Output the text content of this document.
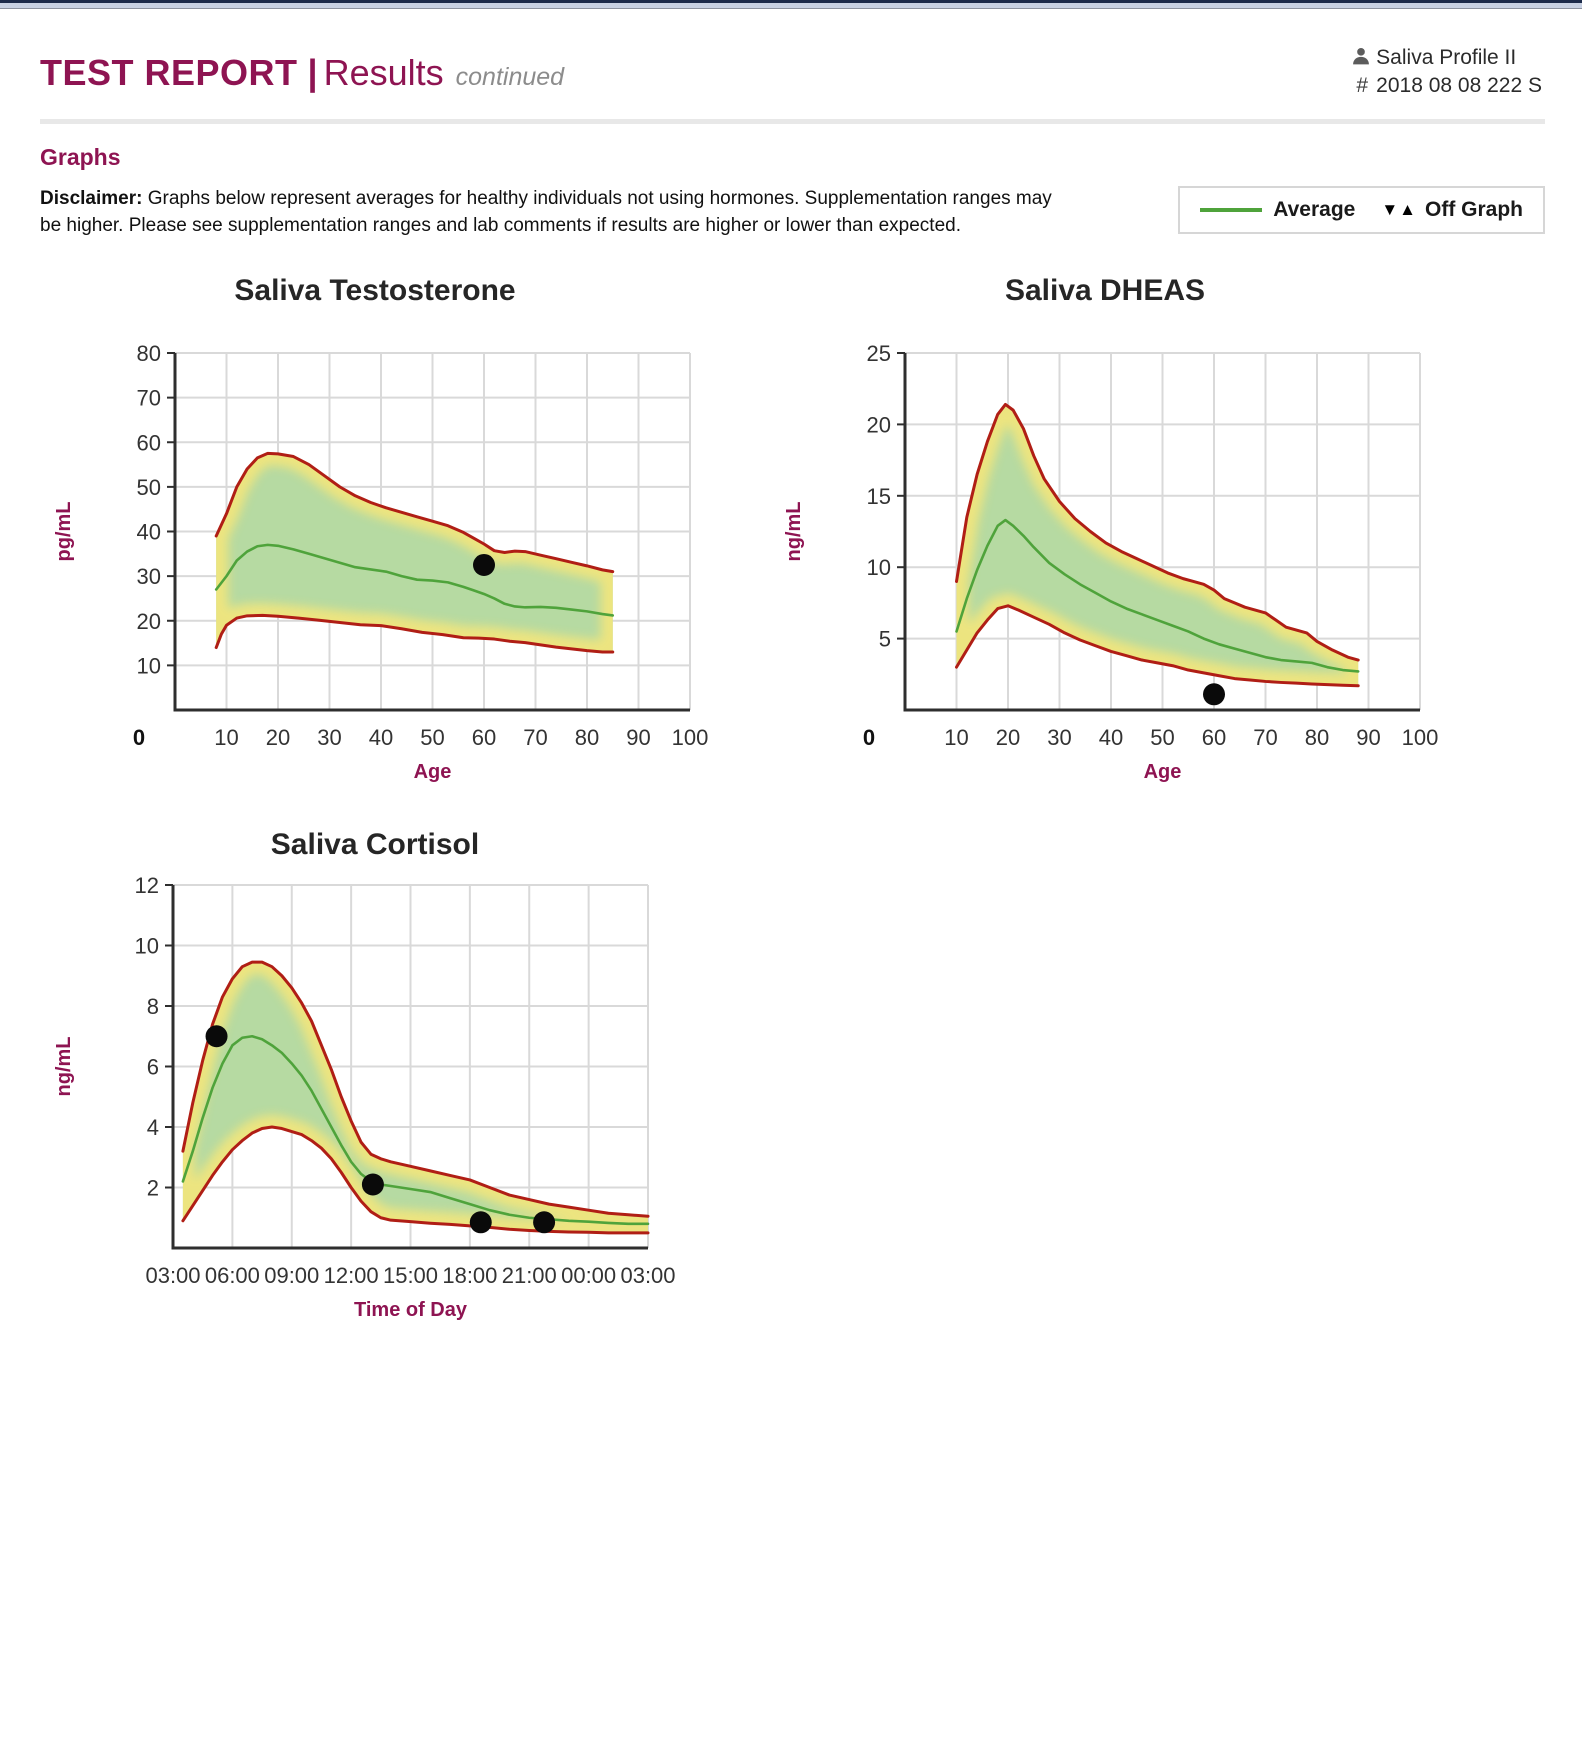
TEST REPORT | Results continued
Saliva Profile II
# 2018 08 08 222 S
Graphs
Disclaimer: Graphs below represent averages for healthy individuals not using hormones. Supplementation ranges may be higher. Please see supplementation ranges and lab comments if results are higher or lower than expected.
Average ▼▲ Off Graph
10
20
30
40
50
60
70
80
0	10 20 30 40 50 60 70 80 90 100
Age
pg/mL
Saliva Testosterone
5
10
15
20
25
0	10 20 30 40 50 60 70 80 90 100
Age
ng/mL
Saliva DHEAS
2
4
6
8
10
12
03:00 06:00 09:00 12:00 15:00 18:00 21:00 00:00 03:00
Time of Day
ng/mL
Saliva Cortisol
